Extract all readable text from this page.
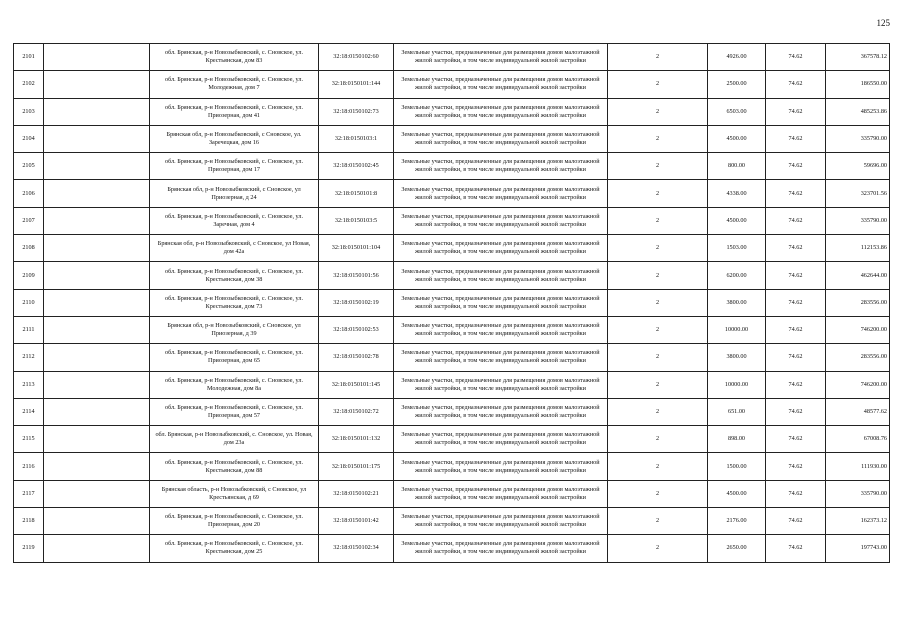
125
2101		обл. Брянская, р-н Новозыбковский, с. Сновское, ул. Крестьянская, дом 83	32:18:0150102:60	Земельные участки, предназначенные для размещения домов малоэтажной жилой застройки, в том числе индивидуальной жилой застройки	2	4926.00	74.62	367578.12
2102		обл. Брянская, р-н Новозыбковский, с. Сновское, ул. Молодежная, дом 7	32:18:0150101:144	Земельные участки, предназначенные для размещения домов малоэтажной жилой застройки, в том числе индивидуальной жилой застройки	2	2500.00	74.62	186550.00
2103		обл. Брянская, р-н Новозыбковский, с. Сновское, ул. Приозерная, дом 41	32:18:0150102:73	Земельные участки, предназначенные для размещения домов малоэтажной жилой застройки, в том числе индивидуальной жилой застройки	2	6503.00	74.62	485253.86
2104		Брянская обл, р-н Новозыбковский, с Сновское, ул. Заречецкая, дом 16	32:18:0150103:1	Земельные участки, предназначенные для размещения домов малоэтажной жилой застройки, в том числе индивидуальной жилой застройки	2	4500.00	74.62	335790.00
2105		обл. Брянская, р-н Новозыбковский, с. Сновское, ул. Приозерная, дом 17	32:18:0150102:45	Земельные участки, предназначенные для размещения домов малоэтажной жилой застройки, в том числе индивидуальной жилой застройки	2	800.00	74.62	59696.00
2106		Брянская обл, р-н Новозыбковский, с Сновское, ул Приозерная, д 24	32:18:0150101:8	Земельные участки, предназначенные для размещения домов малоэтажной жилой застройки, в том числе индивидуальной жилой застройки	2	4338.00	74.62	323701.56
2107		обл. Брянская, р-н Новозыбковский, с. Сновское, ул. Заречная, дом 4	32:18:0150103:5	Земельные участки, предназначенные для размещения домов малоэтажной жилой застройки, в том числе индивидуальной жилой застройки	2	4500.00	74.62	335790.00
2108		Брянская обл, р-н Новозыбковский, с Сновское, ул Новая, дом 42а	32:18:0150101:104	Земельные участки, предназначенные для размещения домов малоэтажной жилой застройки, в том числе индивидуальной жилой застройки	2	1503.00	74.62	112153.86
2109		обл. Брянская, р-н Новозыбковский, с. Сновское, ул. Крестьянская, дом 38	32:18:0150101:56	Земельные участки, предназначенные для размещения домов малоэтажной жилой застройки, в том числе индивидуальной жилой застройки	2	6200.00	74.62	462644.00
2110		обл. Брянская, р-н Новозыбковский, с. Сновское, ул. Крестьянская, дом 73	32:18:0150102:19	Земельные участки, предназначенные для размещения домов малоэтажной жилой застройки, в том числе индивидуальной жилой застройки	2	3800.00	74.62	283556.00
2111		Брянская обл, р-н Новозыбковский, с Сновское, ул Приозерная, д 39	32:18:0150102:53	Земельные участки, предназначенные для размещения домов малоэтажной жилой застройки, в том числе индивидуальной жилой застройки	2	10000.00	74.62	746200.00
2112		обл. Брянская, р-н Новозыбковский, с. Сновское, ул. Приозерная, дом 65	32:18:0150102:78	Земельные участки, предназначенные для размещения домов малоэтажной жилой застройки, в том числе индивидуальной жилой застройки	2	3800.00	74.62	283556.00
2113		обл. Брянская, р-н Новозыбковский, с. Сновское, ул. Молодежная, дом 8а	32:18:0150101:145	Земельные участки, предназначенные для размещения домов малоэтажной жилой застройки, в том числе индивидуальной жилой застройки	2	10000.00	74.62	746200.00
2114		обл. Брянская, р-н Новозыбковский, с. Сновское, ул. Приозерная, дом 57	32:18:0150102:72	Земельные участки, предназначенные для размещения домов малоэтажной жилой застройки, в том числе индивидуальной жилой застройки	2	651.00	74.62	48577.62
2115		обл. Брянская, р-н Новозыбковский, с. Сновское, ул. Новая, дом 23а	32:18:0150101:132	Земельные участки, предназначенные для размещения домов малоэтажной жилой застройки, в том числе индивидуальной жилой застройки	2	898.00	74.62	67008.76
2116		обл. Брянская, р-н Новозыбковский, с. Сновское, ул. Крестьянская, дом 88	32:18:0150101:175	Земельные участки, предназначенные для размещения домов малоэтажной жилой застройки, в том числе индивидуальной жилой застройки	2	1500.00	74.62	111930.00
2117		Брянская область, р-н Новозыбковский, с Сновское, ул Крестьянская, д 69	32:18:0150102:21	Земельные участки, предназначенные для размещения домов малоэтажной жилой застройки, в том числе индивидуальной жилой застройки	2	4500.00	74.62	335790.00
2118		обл. Брянская, р-н Новозыбковский, с. Сновское, ул. Приозерная, дом 20	32:18:0150101:42	Земельные участки, предназначенные для размещения домов малоэтажной жилой застройки, в том числе индивидуальной жилой застройки	2	2176.00	74.62	162373.12
2119		обл. Брянская, р-н Новозыбковский, с. Сновское, ул. Крестьянская, дом 25	32:18:0150102:34	Земельные участки, предназначенные для размещения домов малоэтажной жилой застройки, в том числе индивидуальной жилой застройки	2	2650.00	74.62	197743.00
